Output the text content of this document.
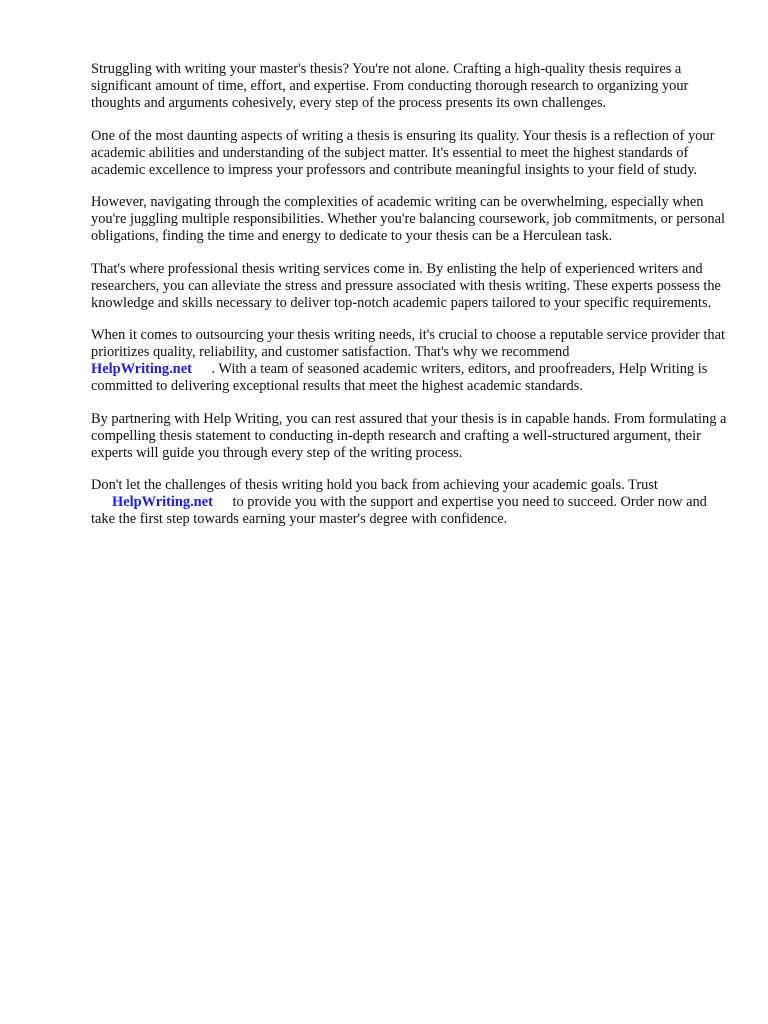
Struggling with writing your master's thesis? You're not alone. Crafting a high-quality thesis requires a significant amount of time, effort, and expertise. From conducting thorough research to organizing your thoughts and arguments cohesively, every step of the process presents its own challenges.

One of the most daunting aspects of writing a thesis is ensuring its quality. Your thesis is a reflection of your academic abilities and understanding of the subject matter. It's essential to meet the highest standards of academic excellence to impress your professors and contribute meaningful insights to your field of study.

However, navigating through the complexities of academic writing can be overwhelming, especially when you're juggling multiple responsibilities. Whether you're balancing coursework, job commitments, or personal obligations, finding the time and energy to dedicate to your thesis can be a Herculean task.

That's where professional thesis writing services come in. By enlisting the help of experienced writers and researchers, you can alleviate the stress and pressure associated with thesis writing. These experts possess the knowledge and skills necessary to deliver top-notch academic papers tailored to your specific requirements.

When it comes to outsourcing your thesis writing needs, it's crucial to choose a reputable service provider that prioritizes quality, reliability, and customer satisfaction. That's why we recommend
HelpWriting.net . With a team of seasoned academic writers, editors, and proofreaders, Help Writing is committed to delivering exceptional results that meet the highest academic standards.

By partnering with Help Writing, you can rest assured that your thesis is in capable hands. From formulating a compelling thesis statement to conducting in-depth research and crafting a well-structured argument, their experts will guide you through every step of the writing process.

Don't let the challenges of thesis writing hold you back from achieving your academic goals. Trust
HelpWriting.net to provide you with the support and expertise you need to succeed. Order now and take the first step towards earning your master's degree with confidence.
